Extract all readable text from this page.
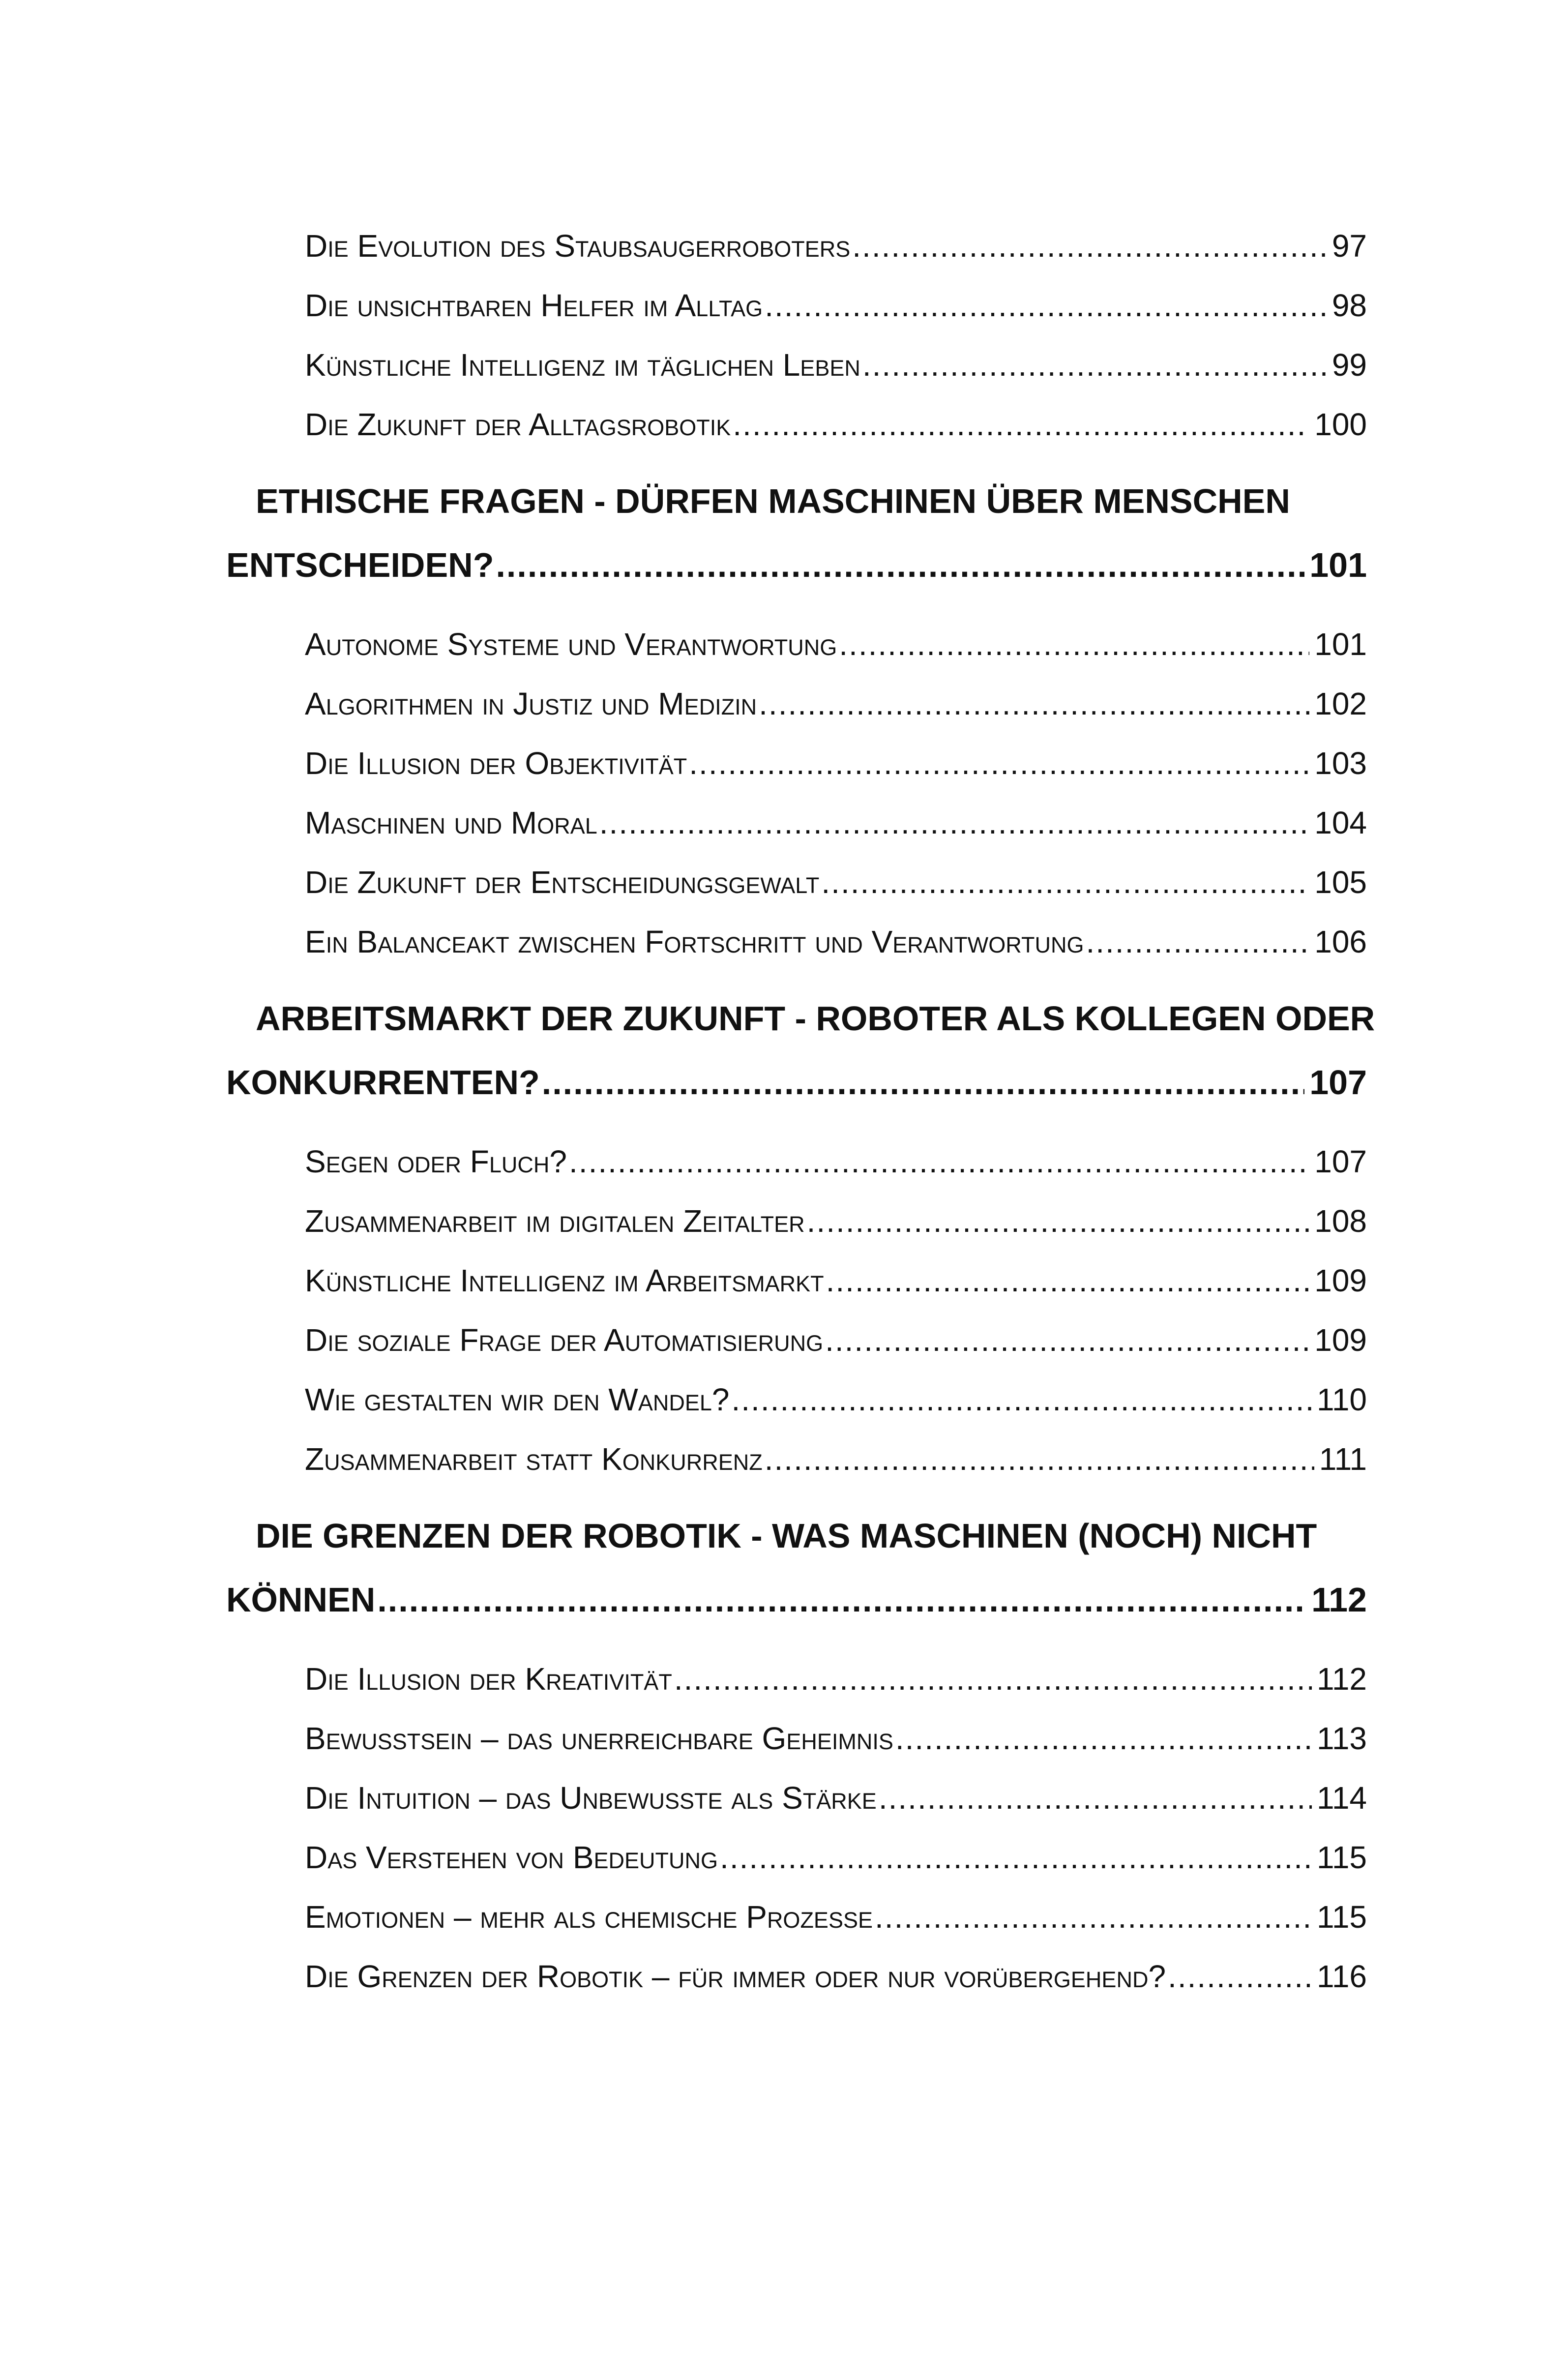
Die Evolution des Staubsaugerroboters .....	97
Die unsichtbaren Helfer im Alltag .....	98
Künstliche Intelligenz im täglichen Leben .....	99
Die Zukunft der Alltagsrobotik .....	100
ETHISCHE FRAGEN - DÜRFEN MASCHINEN ÜBER MENSCHEN
ENTSCHEIDEN? .....	101
Autonome Systeme und Verantwortung .....	101
Algorithmen in Justiz und Medizin .....	102
Die Illusion der Objektivität .....	103
Maschinen und Moral .....	104
Die Zukunft der Entscheidungsgewalt .....	105
Ein Balanceakt zwischen Fortschritt und Verantwortung .....	106
ARBEITSMARKT DER ZUKUNFT - ROBOTER ALS KOLLEGEN ODER
KONKURRENTEN? .....	107
Segen oder Fluch? .....	107
Zusammenarbeit im digitalen Zeitalter .....	108
Künstliche Intelligenz im Arbeitsmarkt .....	109
Die soziale Frage der Automatisierung .....	109
Wie gestalten wir den Wandel? .....	110
Zusammenarbeit statt Konkurrenz .....	111
DIE GRENZEN DER ROBOTIK - WAS MASCHINEN (NOCH) NICHT
KÖNNEN .....	112
Die Illusion der Kreativität .....	112
Bewusstsein – das unerreichbare Geheimnis .....	113
Die Intuition – das Unbewusste als Stärke .....	114
Das Verstehen von Bedeutung .....	115
Emotionen – mehr als chemische Prozesse .....	115
Die Grenzen der Robotik – für immer oder nur vorübergehend? .....	116
